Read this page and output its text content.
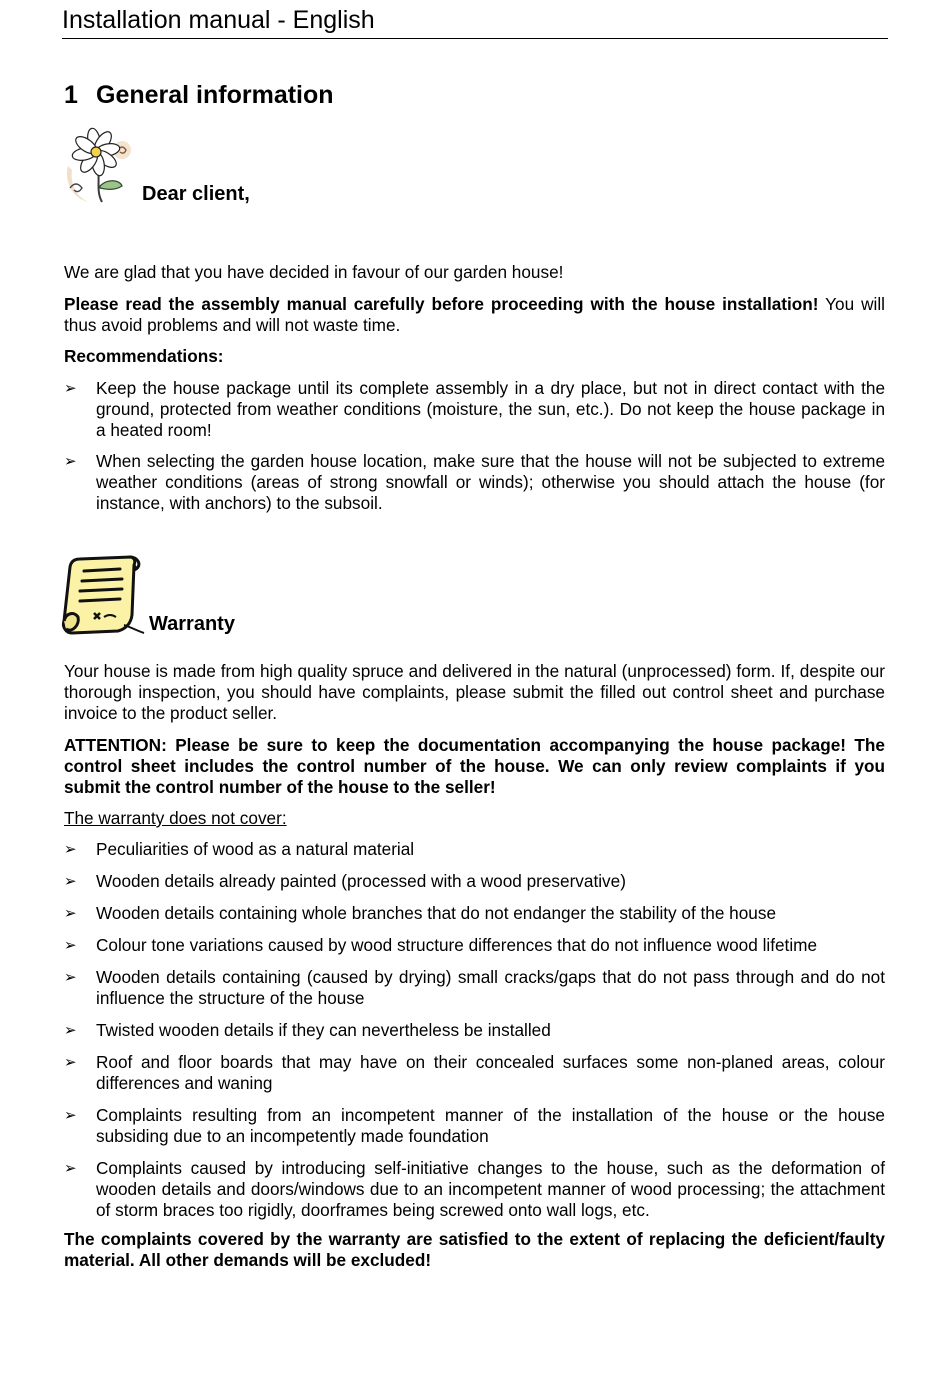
Installation manual - English
1 General information
Dear client,
We are glad that you have decided in favour of our garden house!
Please read the assembly manual carefully before proceeding with the house installation! You will thus avoid problems and will not waste time.
Recommendations:
➢ Keep the house package until its complete assembly in a dry place, but not in direct contact with the ground, protected from weather conditions (moisture, the sun, etc.). Do not keep the house package in a heated room!
➢ When selecting the garden house location, make sure that the house will not be subjected to extreme weather conditions (areas of strong snowfall or winds); otherwise you should attach the house (for instance, with anchors) to the subsoil.
Warranty
Your house is made from high quality spruce and delivered in the natural (unprocessed) form. If, despite our thorough inspection, you should have complaints, please submit the filled out control sheet and purchase invoice to the product seller.
ATTENTION: Please be sure to keep the documentation accompanying the house package! The control sheet includes the control number of the house. We can only review complaints if you submit the control number of the house to the seller!
The warranty does not cover:
➢ Peculiarities of wood as a natural material
➢ Wooden details already painted (processed with a wood preservative)
➢ Wooden details containing whole branches that do not endanger the stability of the house
➢ Colour tone variations caused by wood structure differences that do not influence wood lifetime
➢ Wooden details containing (caused by drying) small cracks/gaps that do not pass through and do not influence the structure of the house
➢ Twisted wooden details if they can nevertheless be installed
➢ Roof and floor boards that may have on their concealed surfaces some non-planed areas, colour differences and waning
➢ Complaints resulting from an incompetent manner of the installation of the house or the house subsiding due to an incompetently made foundation
➢ Complaints caused by introducing self-initiative changes to the house, such as the deformation of wooden details and doors/windows due to an incompetent manner of wood processing; the attachment of storm braces too rigidly, doorframes being screwed onto wall logs, etc.
The complaints covered by the warranty are satisfied to the extent of replacing the deficient/faulty material. All other demands will be excluded!
